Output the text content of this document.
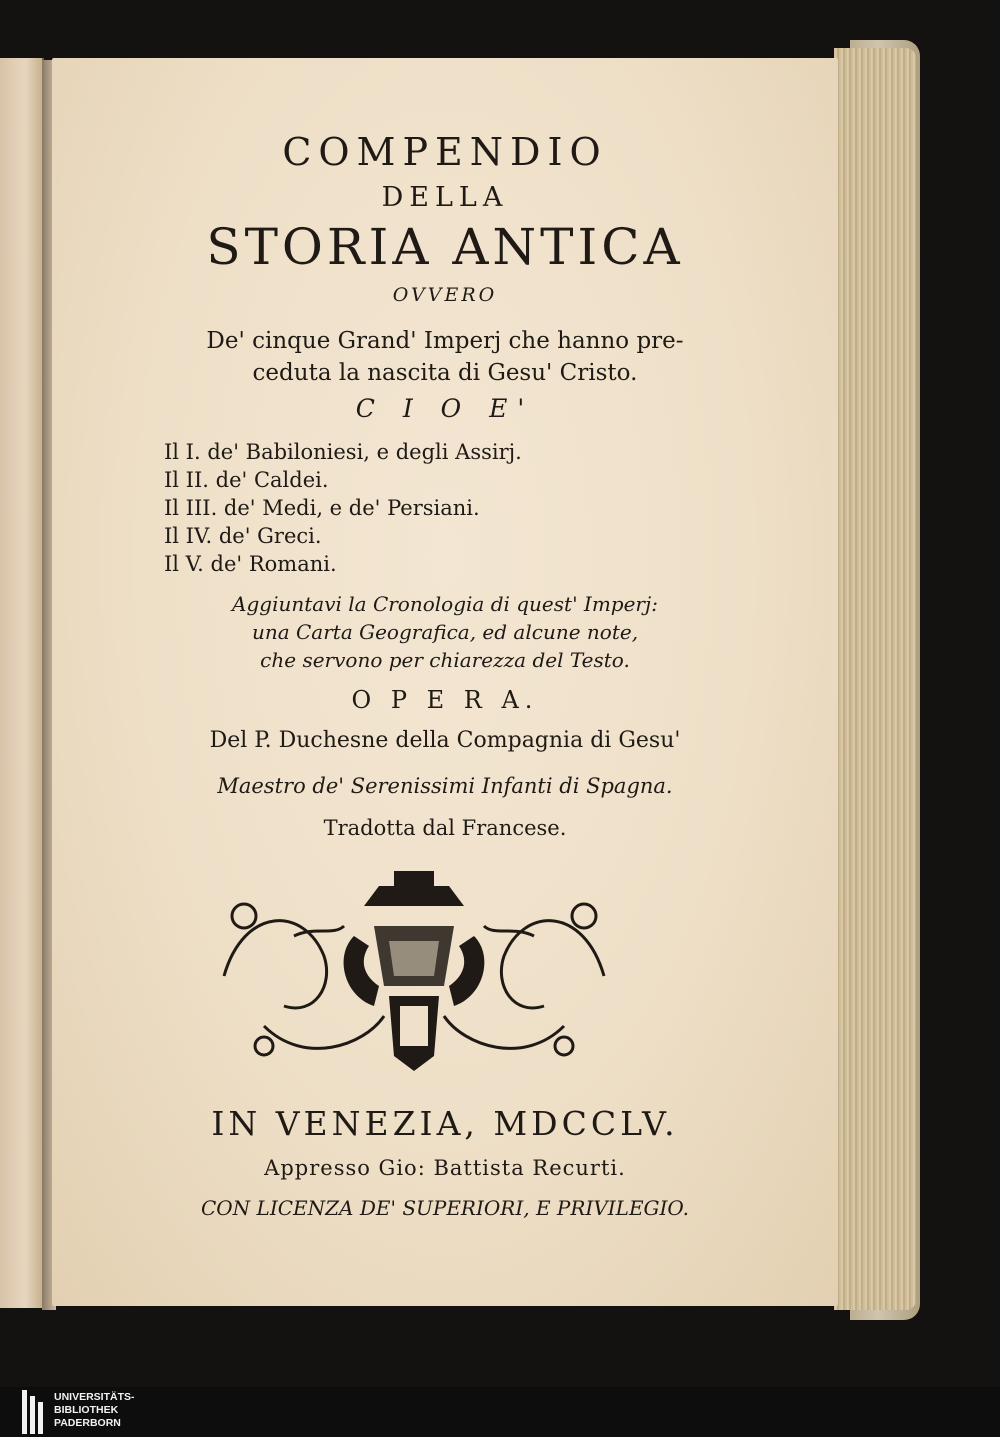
COMPENDIO
DELLA
STORIA ANTICA
OVVERO
De' cinque Grand' Imperj che hanno pre-
ceduta la nascita di Gesu' Cristo.
C I O E'
Il I. de' Babiloniesi, e degli Assirj.
Il II. de' Caldei.
Il III. de' Medi, e de' Persiani.
Il IV. de' Greci.
Il V. de' Romani.
Aggiuntavi la Cronologia di quest' Imperj:
una Carta Geografica, ed alcune note,
che servono per chiarezza del Testo.
O P E R A.
Del P. Duchesne della Compagnia di Gesu'
Maestro de' Serenissimi Infanti di Spagna.
Tradotta dal Francese.
IN VENEZIA, MDCCLV.
Appresso Gio: Battista Recurti.
CON LICENZA DE' SUPERIORI, E PRIVILEGIO.
UNIVERSITÄTS-
BIBLIOTHEK
PADERBORN
